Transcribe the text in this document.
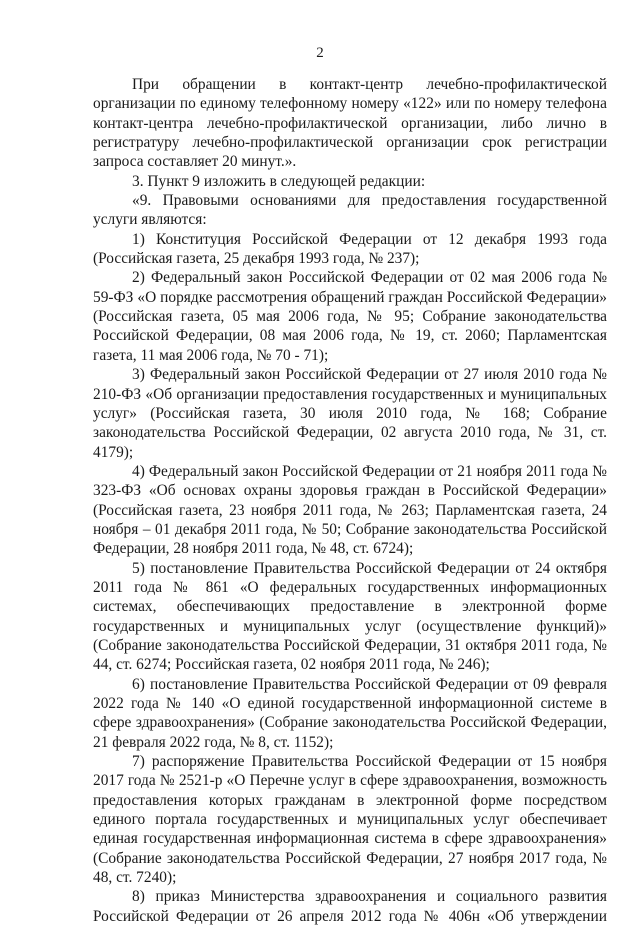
2

При обращении в контакт-центр лечебно-профилактической организации по единому телефонному номеру «122» или по номеру телефона контакт-центра лечебно-профилактической организации, либо лично в регистратуру лечебно-профилактической организации срок регистрации запроса составляет 20 минут.».

3. Пункт 9 изложить в следующей редакции:

«9. Правовыми основаниями для предоставления государственной услуги являются:

1) Конституция Российской Федерации от 12 декабря 1993 года (Российская газета, 25 декабря 1993 года, № 237);

2) Федеральный закон Российской Федерации от 02 мая 2006 года № 59-ФЗ «О порядке рассмотрения обращений граждан Российской Федерации» (Российская газета, 05 мая 2006 года, № 95; Собрание законодательства Российской Федерации, 08 мая 2006 года, № 19, ст. 2060; Парламентская газета, 11 мая 2006 года, № 70 - 71);

3) Федеральный закон Российской Федерации от 27 июля 2010 года № 210-ФЗ «Об организации предоставления государственных и муниципальных услуг» (Российская газета, 30 июля 2010 года, № 168; Собрание законодательства Российской Федерации, 02 августа 2010 года, № 31, ст. 4179);

4) Федеральный закон Российской Федерации от 21 ноября 2011 года № 323-ФЗ «Об основах охраны здоровья граждан в Российской Федерации» (Российская газета, 23 ноября 2011 года, № 263; Парламентская газета, 24 ноября – 01 декабря 2011 года, № 50; Собрание законодательства Российской Федерации, 28 ноября 2011 года, № 48, ст. 6724);

5) постановление Правительства Российской Федерации от 24 октября 2011 года № 861 «О федеральных государственных информационных системах, обеспечивающих предоставление в электронной форме государственных и муниципальных услуг (осуществление функций)» (Собрание законодательства Российской Федерации, 31 октября 2011 года, № 44, ст. 6274; Российская газета, 02 ноября 2011 года, № 246);

6) постановление Правительства Российской Федерации от 09 февраля 2022 года № 140 «О единой государственной информационной системе в сфере здравоохранения» (Собрание законодательства Российской Федерации, 21 февраля 2022 года, № 8, ст. 1152);

7) распоряжение Правительства Российской Федерации от 15 ноября 2017 года № 2521-р «О Перечне услуг в сфере здравоохранения, возможность предоставления которых гражданам в электронной форме посредством единого портала государственных и муниципальных услуг обеспечивает единая государственная информационная система в сфере здравоохранения» (Собрание законодательства Российской Федерации, 27 ноября 2017 года, № 48, ст. 7240);

8) приказ Министерства здравоохранения и социального развития Российской Федерации от 26 апреля 2012 года № 406н «Об утверждении
